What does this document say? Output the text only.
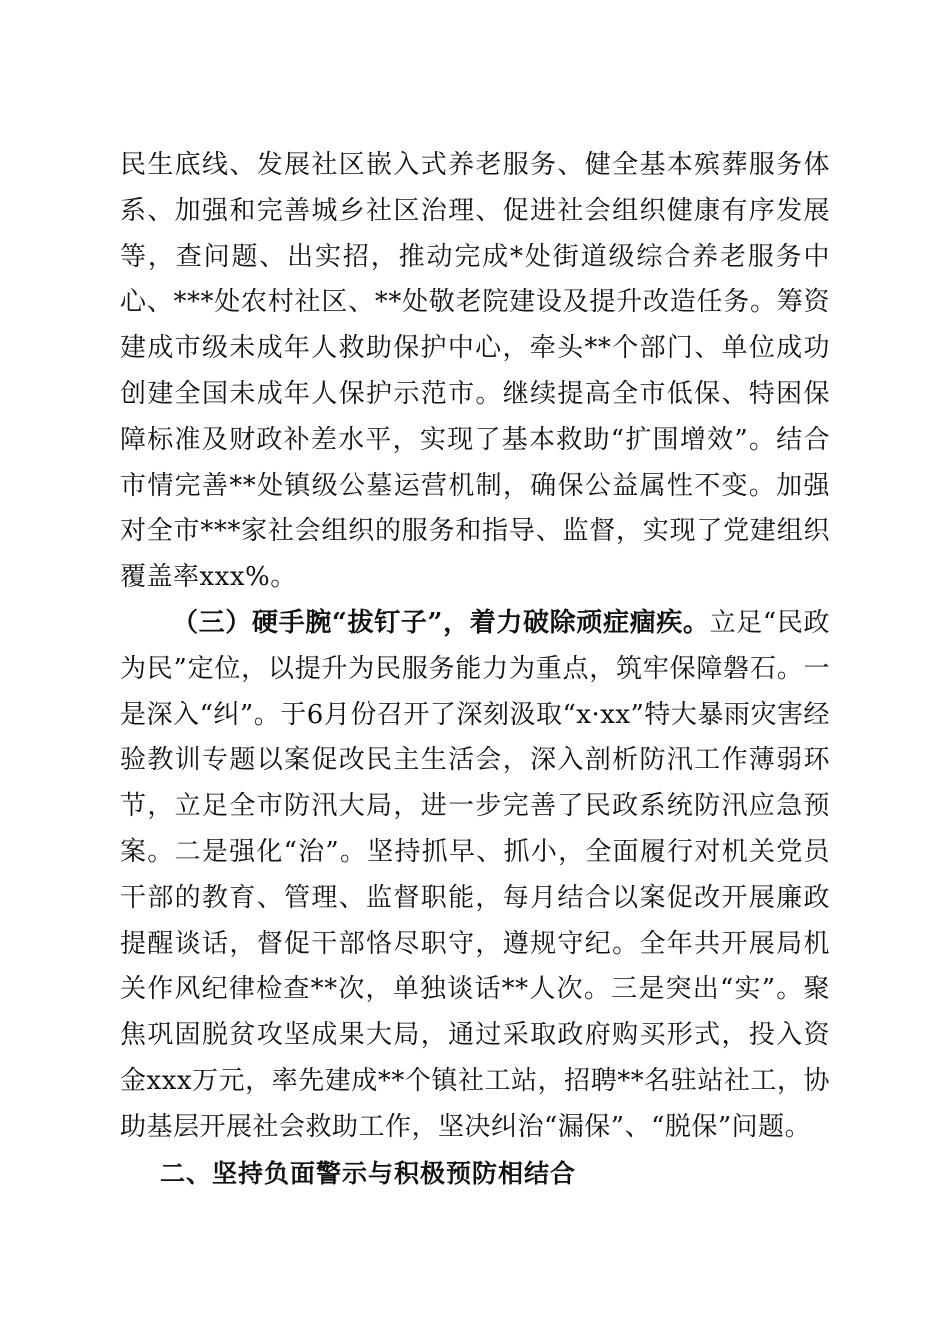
民生底线、发展社区嵌入式养老服务、健全基本殡葬服务体系、加强和完善城乡社区治理、促进社会组织健康有序发展等，查问题、出实招，推动完成*处街道级综合养老服务中心、***处农村社区、**处敬老院建设及提升改造任务。筹资建成市级未成年人救助保护中心，牵头**个部门、单位成功创建全国未成年人保护示范市。继续提高全市低保、特困保障标准及财政补差水平，实现了基本救助“扩围增效”。结合市情完善**处镇级公墓运营机制，确保公益属性不变。加强对全市***家社会组织的服务和指导、监督，实现了党建组织覆盖率xxx%。

（三）硬手腕“拔钉子”，着力破除顽症痼疾。立足“民政为民”定位，以提升为民服务能力为重点，筑牢保障磐石。一是深入“纠”。于6月份召开了深刻汲取“x·xx”特大暴雨灾害经验教训专题以案促改民主生活会，深入剖析防汛工作薄弱环节，立足全市防汛大局，进一步完善了民政系统防汛应急预案。二是强化“治”。坚持抓早、抓小，全面履行对机关党员干部的教育、管理、监督职能，每月结合以案促改开展廉政提醒谈话，督促干部恪尽职守，遵规守纪。全年共开展局机关作风纪律检查**次，单独谈话**人次。三是突出“实”。聚焦巩固脱贫攻坚成果大局，通过采取政府购买形式，投入资金xxx万元，率先建成**个镇社工站，招聘**名驻站社工，协助基层开展社会救助工作，坚决纠治“漏保”、“脱保”问题。

二、坚持负面警示与积极预防相结合
